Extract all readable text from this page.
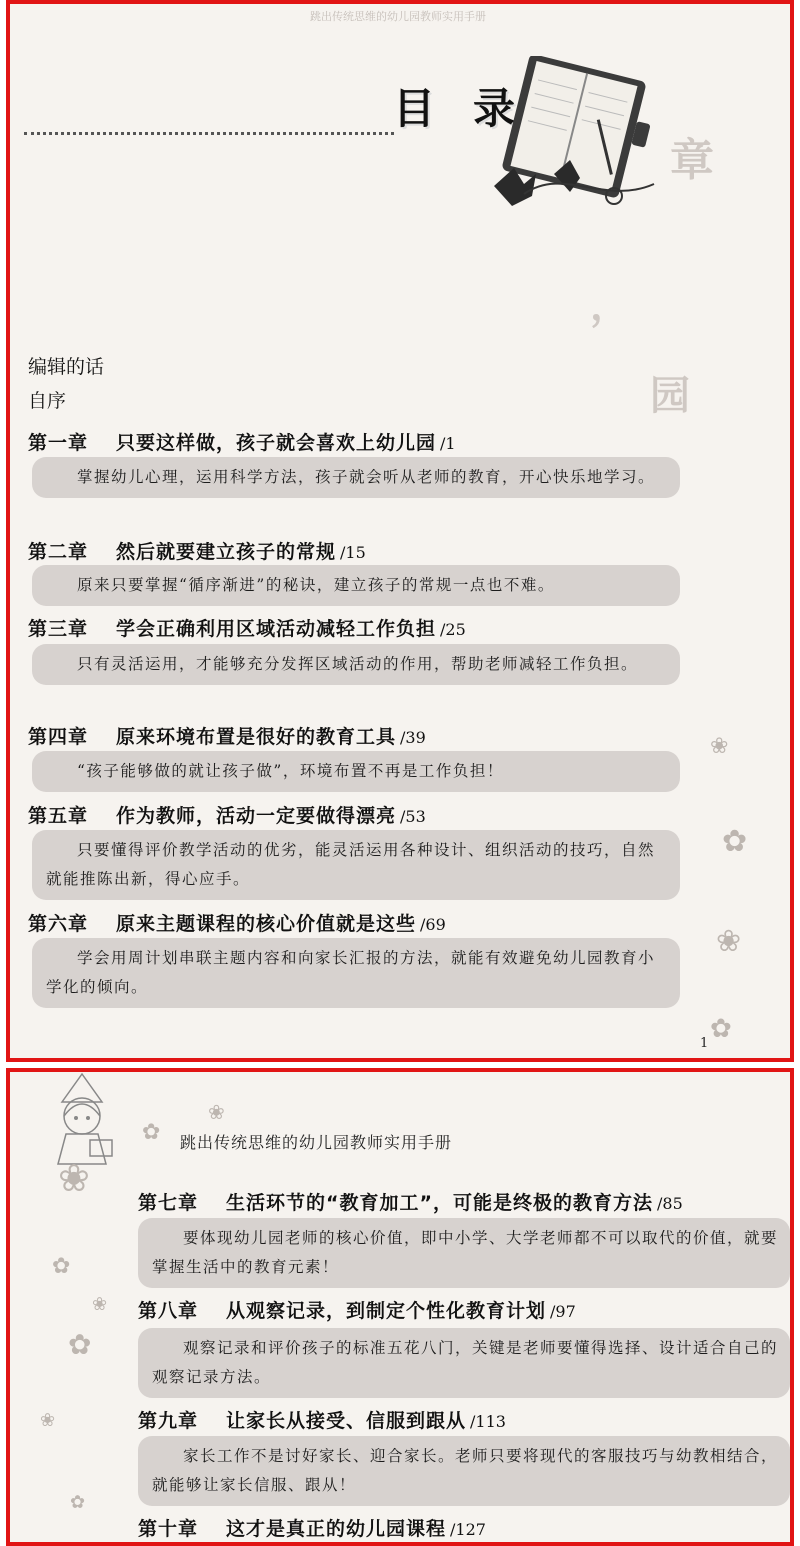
跳出传统思维的幼儿园教师实用手册
章
，
园
目 录
编辑的话
自序
第一章 只要这样做，孩子就会喜欢上幼儿园 /1
掌握幼儿心理，运用科学方法，孩子就会听从老师的教育，开心快乐地学习。
第二章 然后就要建立孩子的常规 /15
原来只要掌握“循序渐进”的秘诀，建立孩子的常规一点也不难。
第三章 学会正确利用区域活动减轻工作负担 /25
只有灵活运用，才能够充分发挥区域活动的作用，帮助老师减轻工作负担。
第四章 原来环境布置是很好的教育工具 /39
“孩子能够做的就让孩子做”，环境布置不再是工作负担！
第五章 作为教师，活动一定要做得漂亮 /53
只要懂得评价教学活动的优劣，能灵活运用各种设计、组织活动的技巧，自然就能推陈出新，得心应手。
第六章 原来主题课程的核心价值就是这些 /69
学会用周计划串联主题内容和向家长汇报的方法，就能有效避免幼儿园教育小学化的倾向。
❀
✿
❀
✿
1
❀
✿
❀
✿
❀
✿
❀
✿
跳出传统思维的幼儿园教师实用手册
第七章 生活环节的“教育加工”，可能是终极的教育方法 /85
要体现幼儿园老师的核心价值，即中小学、大学老师都不可以取代的价值，就要掌握生活中的教育元素！
第八章 从观察记录，到制定个性化教育计划 /97
观察记录和评价孩子的标准五花八门，关键是老师要懂得选择、设计适合自己的观察记录方法。
第九章 让家长从接受、信服到跟从 /113
家长工作不是讨好家长、迎合家长。老师只要将现代的客服技巧与幼教相结合，就能够让家长信服、跟从！
第十章 这才是真正的幼儿园课程 /127
